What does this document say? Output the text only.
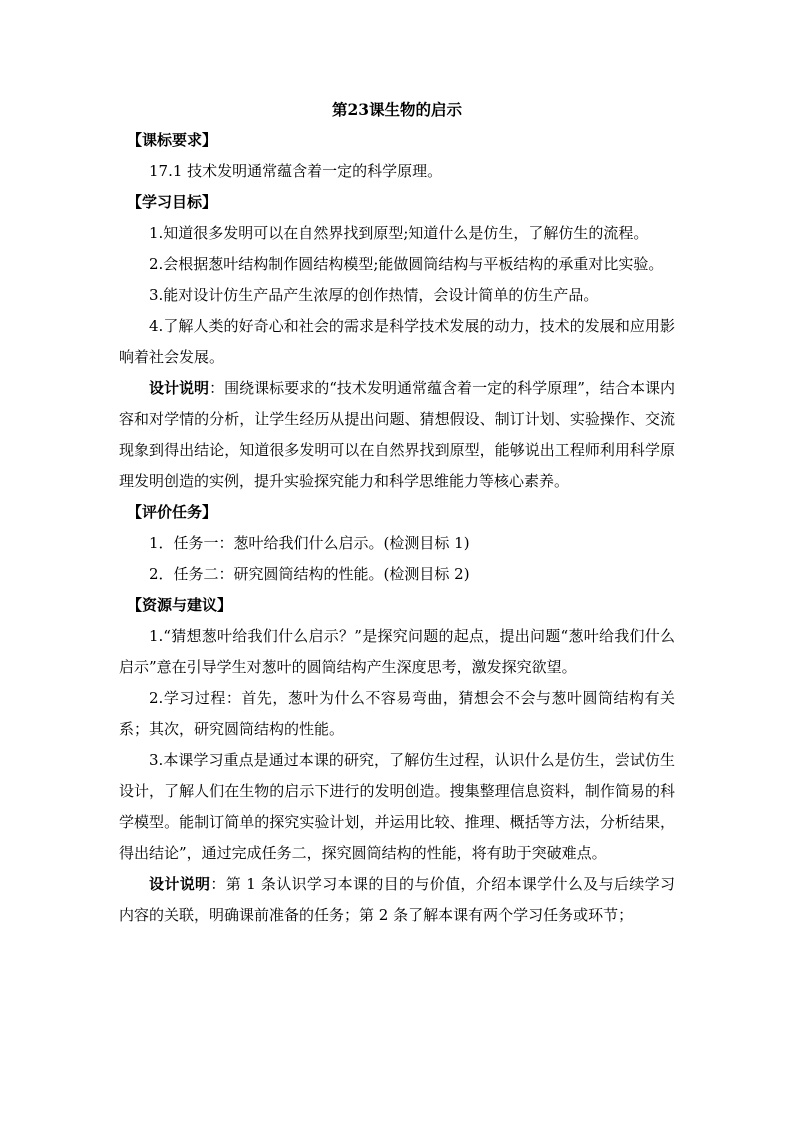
第23课生物的启示

【课标要求】

17.1 技术发明通常蕴含着一定的科学原理。

【学习目标】

1.知道很多发明可以在自然界找到原型;知道什么是仿生，了解仿生的流程。

2.会根据葱叶结构制作圆结构模型;能做圆筒结构与平板结构的承重对比实验。

3.能对设计仿生产品产生浓厚的创作热情，会设计简单的仿生产品。

4.了解人类的好奇心和社会的需求是科学技术发展的动力，技术的发展和应用影响着社会发展。

设计说明：围绕课标要求的“技术发明通常蕴含着一定的科学原理”，结合本课内容和对学情的分析，让学生经历从提出问题、猜想假设、制订计划、实验操作、交流现象到得出结论，知道很多发明可以在自然界找到原型，能够说出工程师利用科学原理发明创造的实例，提升实验探究能力和科学思维能力等核心素养。

【评价任务】

1．任务一：葱叶给我们什么启示。(检测目标 1)

2．任务二：研究圆筒结构的性能。(检测目标 2)

【资源与建议】

1.“猜想葱叶给我们什么启示？”是探究问题的起点，提出问题“葱叶给我们什么启示”意在引导学生对葱叶的圆筒结构产生深度思考，激发探究欲望。

2.学习过程：首先，葱叶为什么不容易弯曲，猜想会不会与葱叶圆筒结构有关系；其次，研究圆筒结构的性能。

3.本课学习重点是通过本课的研究，了解仿生过程，认识什么是仿生，尝试仿生设计，了解人们在生物的启示下进行的发明创造。搜集整理信息资料，制作简易的科学模型。能制订简单的探究实验计划，并运用比较、推理、概括等方法，分析结果，得出结论”，通过完成任务二，探究圆筒结构的性能，将有助于突破难点。

设计说明：第 1 条认识学习本课的目的与价值，介绍本课学什么及与后续学习内容的关联，明确课前准备的任务；第 2 条了解本课有两个学习任务或环节；
